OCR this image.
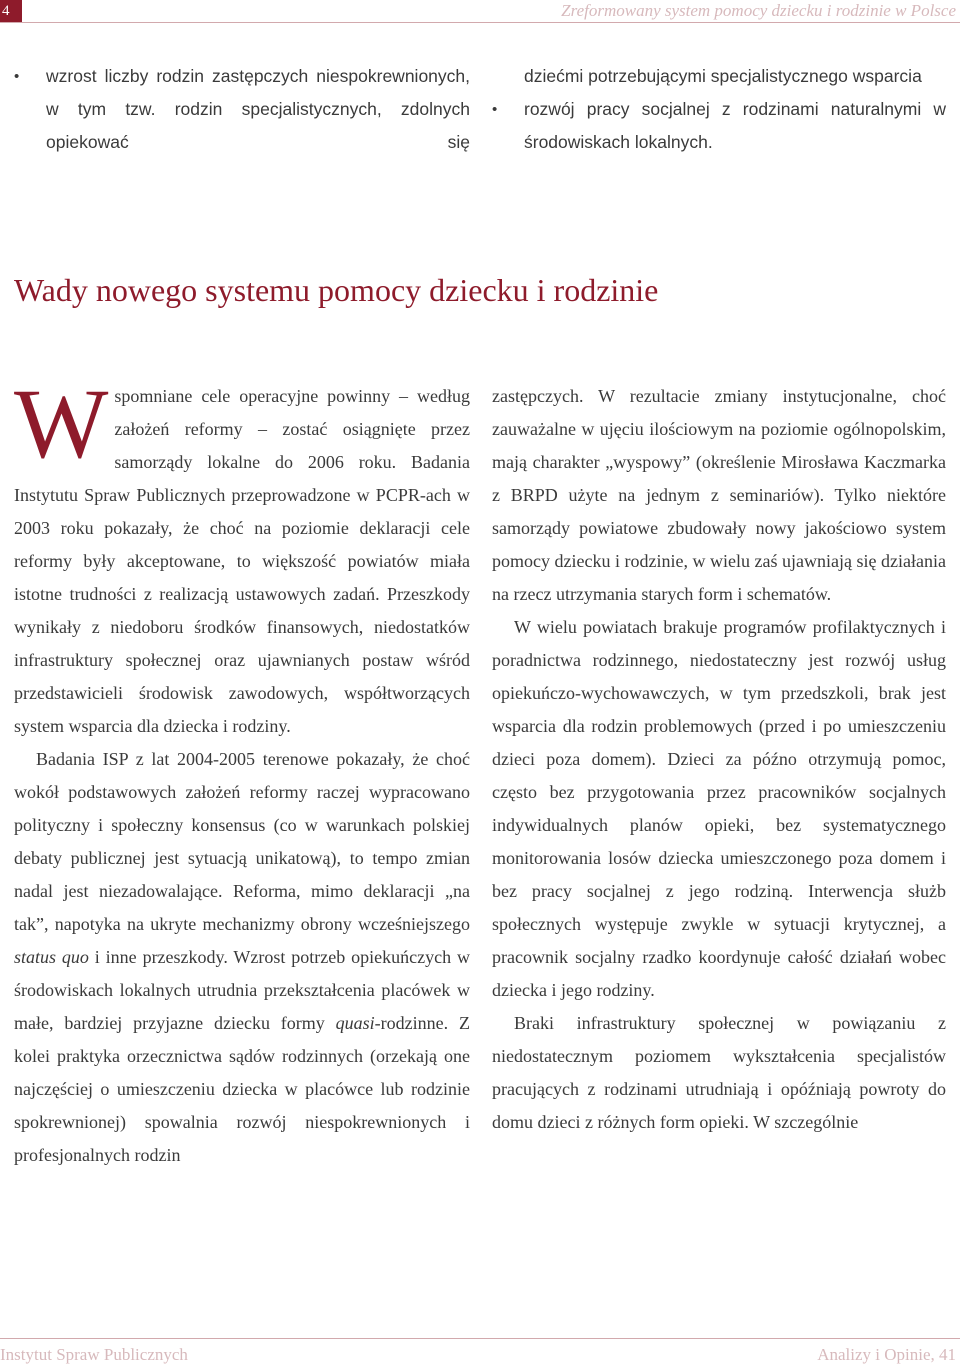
4	Zreformowany system pomocy dziecku i rodzinie w Polsce
•	wzrost liczby rodzin zastępczych niespokrewnionych, w tym tzw. rodzin specjalistycznych, zdolnych opiekować się
dziećmi potrzebującymi specjalistycznego wsparcia
•	rozwój pracy socjalnej z rodzinami naturalnymi w środowiskach lokalnych.
Wady nowego systemu pomocy dziecku i rodzinie

Wspomniane cele operacyjne powinny – według założeń reformy – zostać osiągnięte przez samorządy lokalne do 2006 roku. Badania Instytutu Spraw Publicznych przeprowadzone w PCPR-ach w 2003 roku pokazały, że choć na poziomie deklaracji cele reformy były akceptowane, to większość powiatów miała istotne trudności z realizacją ustawowych zadań. Przeszkody wynikały z niedoboru środków finansowych, niedostatków infrastruktury społecznej oraz ujawnianych postaw wśród przedstawicieli środowisk zawodowych, współtworzących system wsparcia dla dziecka i rodziny.

Badania ISP z lat 2004-2005 terenowe pokazały, że choć wokół podstawowych założeń reformy raczej wypracowano polityczny i społeczny konsensus (co w warunkach polskiej debaty publicznej jest sytuacją unikatową), to tempo zmian nadal jest niezadowalające. Reforma, mimo deklaracji „na tak”, napotyka na ukryte mechanizmy obrony wcześniejszego status quo i inne przeszkody. Wzrost potrzeb opiekuńczych w środowiskach lokalnych utrudnia przekształcenia placówek w małe, bardziej przyjazne dziecku formy quasi-rodzinne. Z kolei praktyka orzecznictwa sądów rodzinnych (orzekają one najczęściej o umieszczeniu dziecka w placówce lub rodzinie spokrewnionej) spowalnia rozwój niespokrewnionych i profesjonalnych rodzin

zastępczych. W rezultacie zmiany instytucjonalne, choć zauważalne w ujęciu ilościowym na poziomie ogólnopolskim, mają charakter „wyspowy” (określenie Mirosława Kaczmarka z BRPD użyte na jednym z seminariów). Tylko niektóre samorządy powiatowe zbudowały nowy jakościowo system pomocy dziecku i rodzinie, w wielu zaś ujawniają się działania na rzecz utrzymania starych form i schematów.

W wielu powiatach brakuje programów profilaktycznych i poradnictwa rodzinnego, niedostateczny jest rozwój usług opiekuńczo-wychowawczych, w tym przedszkoli, brak jest wsparcia dla rodzin problemowych (przed i po umieszczeniu dzieci poza domem). Dzieci za późno otrzymują pomoc, często bez przygotowania przez pracowników socjalnych indywidualnych planów opieki, bez systematycznego monitorowania losów dziecka umieszczonego poza domem i bez pracy socjalnej z jego rodziną. Interwencja służb społecznych występuje zwykle w sytuacji krytycznej, a pracownik socjalny rzadko koordynuje całość działań wobec dziecka i jego rodziny.

Braki infrastruktury społecznej w powiązaniu z niedostatecznym poziomem wykształcenia specjalistów pracujących z rodzinami utrudniają i opóźniają powroty do domu dzieci z różnych form opieki. W szczególnie

Instytut Spraw Publicznych	Analizy i Opinie, 41
